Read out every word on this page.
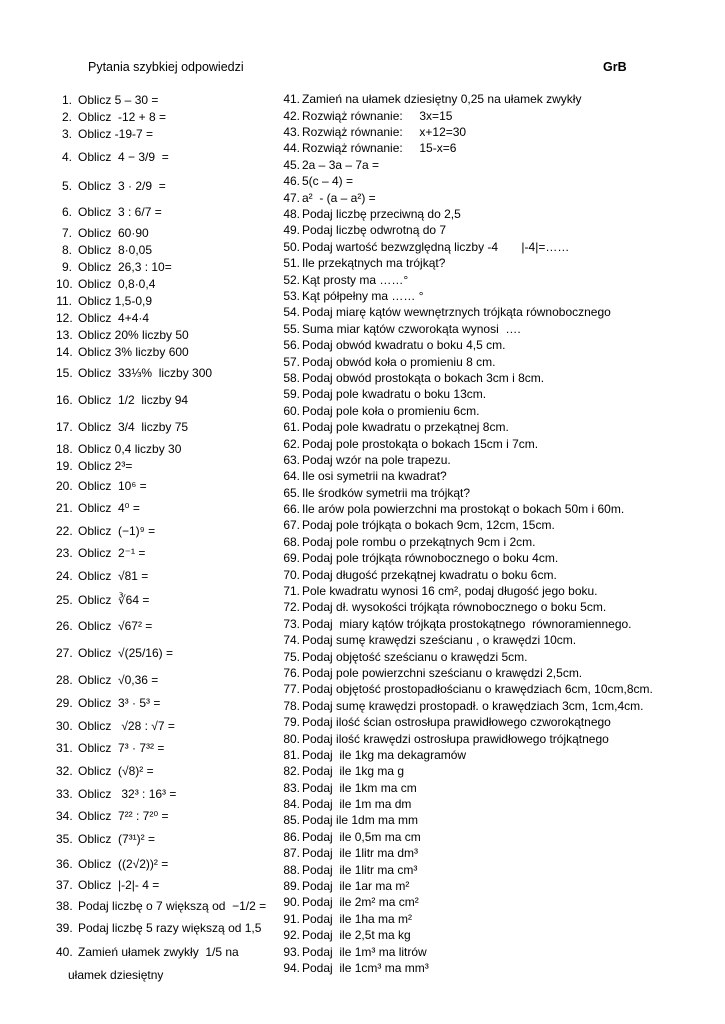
Pytania szybkiej odpowiedzi	GrB
1. Oblicz 5 – 30 =
2. Oblicz  -12 + 8 =
3. Oblicz -19-7 =
4. Oblicz  4 − 3/9  =
5. Oblicz  3 · 2/9  =
6. Oblicz  3 : 6/7 =
7. Oblicz  60·90
8. Oblicz  8·0,05
9. Oblicz  26,3 : 10=
10. Oblicz  0,8·0,4
11. Oblicz 1,5-0,9
12. Oblicz  4+4·4
13. Oblicz 20% liczby 50
14. Oblicz 3% liczby 600
15. Oblicz  33⅓%  liczby 300
16. Oblicz  1/2  liczby 94
17. Oblicz  3/4  liczby 75
18. Oblicz 0,4 liczby 30
19. Oblicz 2³=
20. Oblicz  10⁶ =
21. Oblicz  4⁰ =
22. Oblicz  (−1)⁹ =
23. Oblicz  2⁻¹ =
24. Oblicz  √81 =
25. Oblicz  ∛64 =
26. Oblicz  √67² =
27. Oblicz  √(25/16) =
28. Oblicz  √0,36 =
29. Oblicz  3³ · 5³ =
30. Oblicz   √28 : √7 =
31. Oblicz  7³ · 7³² =
32. Oblicz  (√8)² =
33. Oblicz   32³ : 16³ =
34. Oblicz  7²² : 7²⁰ =
35. Oblicz  (7³¹)² =
36. Oblicz  ((2√2))² =
37. Oblicz  |-2|- 4 =
38. Podaj liczbę o 7 większą od  −1/2 =
39. Podaj liczbę 5 razy większą od 1,5
40. Zamień ułamek zwykły  1/5 na
ułamek dziesiętny
41. Zamień na ułamek dziesiętny 0,25 na ułamek zwykły
42. Rozwiąż równanie:     3x=15
43. Rozwiąż równanie:     x+12=30
44. Rozwiąż równanie:     15-x=6
45. 2a – 3a – 7a =
46. 5(c – 4) =
47. a²  - (a – a²) =
48. Podaj liczbę przeciwną do 2,5
49. Podaj liczbę odwrotną do 7
50. Podaj wartość bezwzględną liczby -4       |-4|=……
51. Ile przekątnych ma trójkąt?
52. Kąt prosty ma ……°
53. Kąt półpełny ma …… °
54. Podaj miarę kątów wewnętrznych trójkąta równobocznego
55. Suma miar kątów czworokąta wynosi  ….
56. Podaj obwód kwadratu o boku 4,5 cm.
57. Podaj obwód koła o promieniu 8 cm.
58. Podaj obwód prostokąta o bokach 3cm i 8cm.
59. Podaj pole kwadratu o boku 13cm.
60. Podaj pole koła o promieniu 6cm.
61. Podaj pole kwadratu o przekątnej 8cm.
62. Podaj pole prostokąta o bokach 15cm i 7cm.
63. Podaj wzór na pole trapezu.
64. Ile osi symetrii na kwadrat?
65. Ile środków symetrii ma trójkąt?
66. Ile arów pola powierzchni ma prostokąt o bokach 50m i 60m.
67. Podaj pole trójkąta o bokach 9cm, 12cm, 15cm.
68. Podaj pole rombu o przekątnych 9cm i 2cm.
69. Podaj pole trójkąta równobocznego o boku 4cm.
70. Podaj długość przekątnej kwadratu o boku 6cm.
71. Pole kwadratu wynosi 16 cm², podaj długość jego boku.
72. Podaj dł. wysokości trójkąta równobocznego o boku 5cm.
73. Podaj  miary kątów trójkąta prostokątnego  równoramiennego.
74. Podaj sumę krawędzi sześcianu , o krawędzi 10cm.
75. Podaj objętość sześcianu o krawędzi 5cm.
76. Podaj pole powierzchni sześcianu o krawędzi 2,5cm.
77. Podaj objętość prostopadłościanu o krawędziach 6cm, 10cm,8cm.
78. Podaj sumę krawędzi prostopadł. o krawędziach 3cm, 1cm,4cm.
79. Podaj ilość ścian ostrosłupa prawidłowego czworokątnego
80. Podaj ilość krawędzi ostrosłupa prawidłowego trójkątnego
81. Podaj  ile 1kg ma dekagramów
82. Podaj  ile 1kg ma g
83. Podaj  ile 1km ma cm
84. Podaj  ile 1m ma dm
85. Podaj ile 1dm ma mm
86. Podaj  ile 0,5m ma cm
87. Podaj  ile 1litr ma dm³
88. Podaj  ile 1litr ma cm³
89. Podaj  ile 1ar ma m²
90. Podaj  ile 2m² ma cm²
91. Podaj  ile 1ha ma m²
92. Podaj  ile 2,5t ma kg
93. Podaj  ile 1m³ ma litrów
94. Podaj  ile 1cm³ ma mm³
